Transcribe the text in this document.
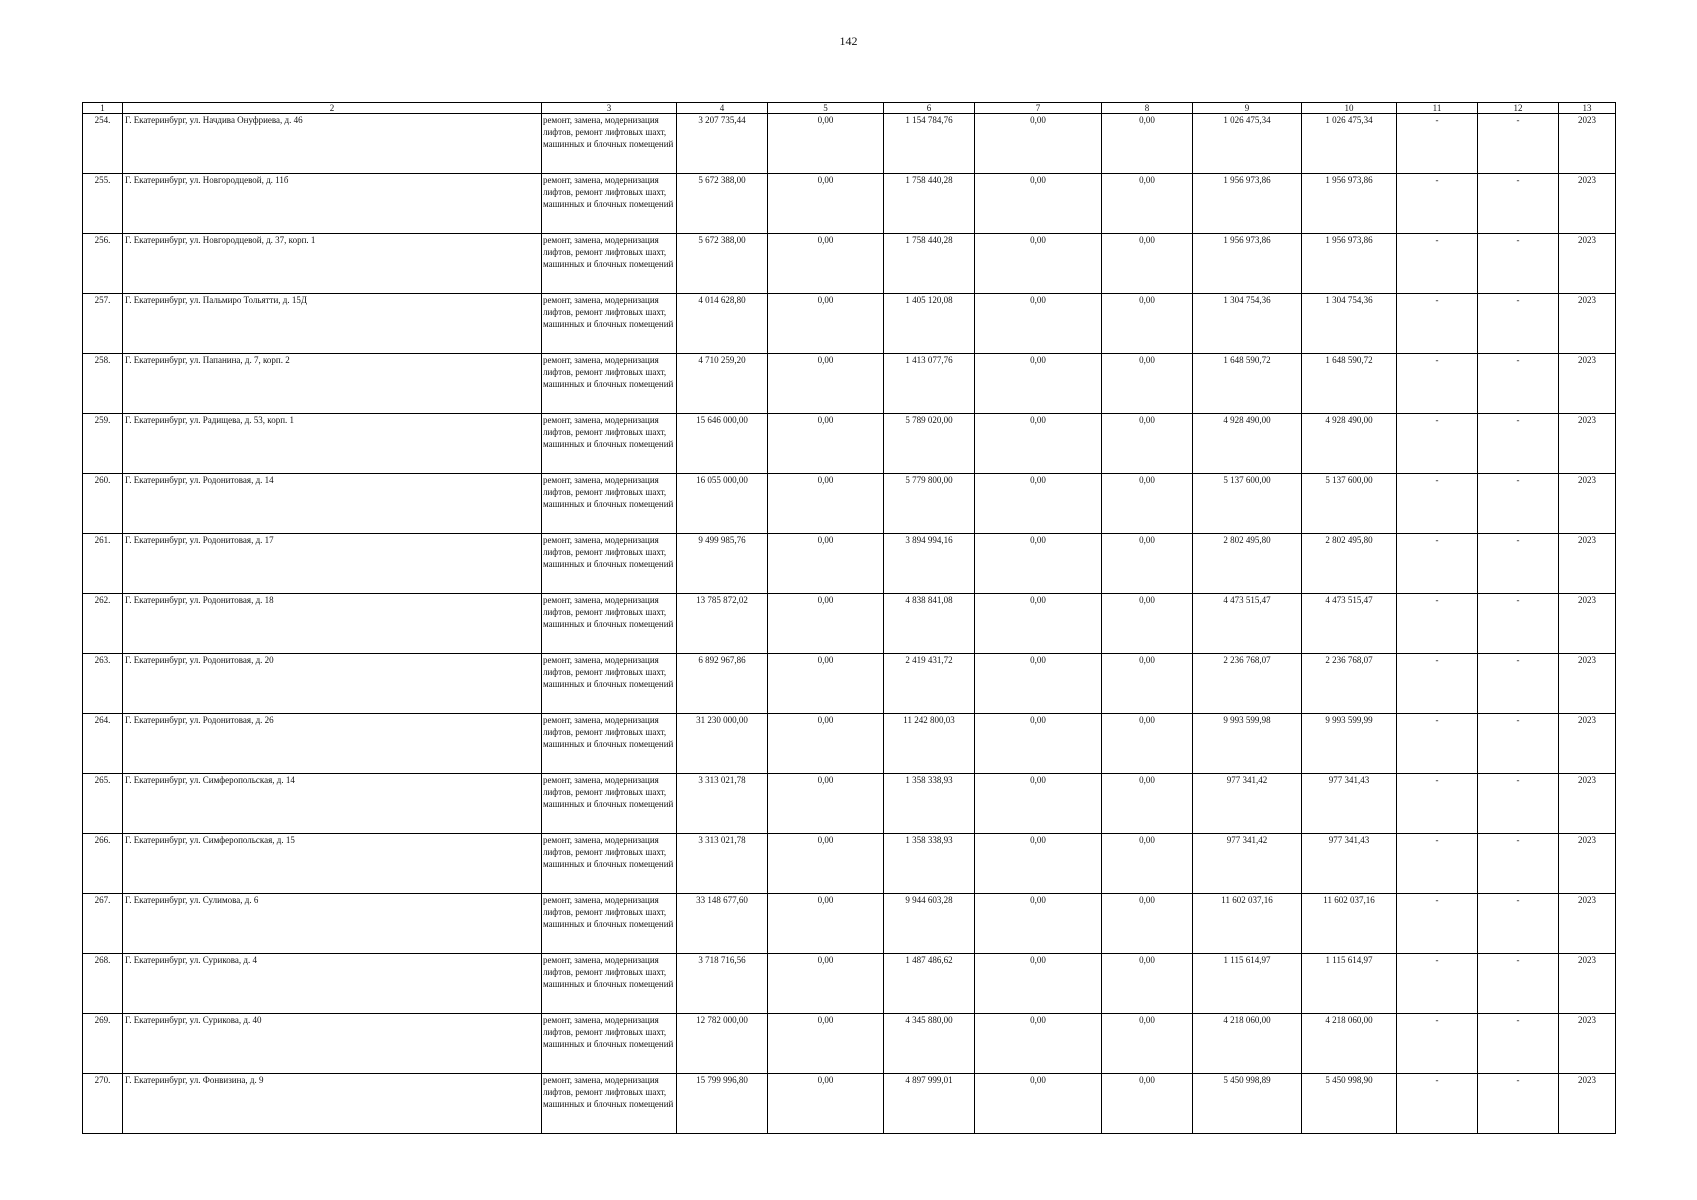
142
1	2	3	4	5	6	7	8	9	10	11	12	13
254.	Г. Екатеринбург, ул. Начдива Онуфриева, д. 46	ремонт, замена, модернизация лифтов, ремонт лифтовых шахт, машинных и блочных помещений	3 207 735,44	0,00	1 154 784,76	0,00	0,00	1 026 475,34	1 026 475,34	-	-	2023
255.	Г. Екатеринбург, ул. Новгородцевой, д. 11б	ремонт, замена, модернизация лифтов, ремонт лифтовых шахт, машинных и блочных помещений	5 672 388,00	0,00	1 758 440,28	0,00	0,00	1 956 973,86	1 956 973,86	-	-	2023
256.	Г. Екатеринбург, ул. Новгородцевой, д. 37, корп. 1	ремонт, замена, модернизация лифтов, ремонт лифтовых шахт, машинных и блочных помещений	5 672 388,00	0,00	1 758 440,28	0,00	0,00	1 956 973,86	1 956 973,86	-	-	2023
257.	Г. Екатеринбург, ул. Пальмиро Тольятти, д. 15Д	ремонт, замена, модернизация лифтов, ремонт лифтовых шахт, машинных и блочных помещений	4 014 628,80	0,00	1 405 120,08	0,00	0,00	1 304 754,36	1 304 754,36	-	-	2023
258.	Г. Екатеринбург, ул. Папанина, д. 7, корп. 2	ремонт, замена, модернизация лифтов, ремонт лифтовых шахт, машинных и блочных помещений	4 710 259,20	0,00	1 413 077,76	0,00	0,00	1 648 590,72	1 648 590,72	-	-	2023
259.	Г. Екатеринбург, ул. Радищева, д. 53, корп. 1	ремонт, замена, модернизация лифтов, ремонт лифтовых шахт, машинных и блочных помещений	15 646 000,00	0,00	5 789 020,00	0,00	0,00	4 928 490,00	4 928 490,00	-	-	2023
260.	Г. Екатеринбург, ул. Родонитовая, д. 14	ремонт, замена, модернизация лифтов, ремонт лифтовых шахт, машинных и блочных помещений	16 055 000,00	0,00	5 779 800,00	0,00	0,00	5 137 600,00	5 137 600,00	-	-	2023
261.	Г. Екатеринбург, ул. Родонитовая, д. 17	ремонт, замена, модернизация лифтов, ремонт лифтовых шахт, машинных и блочных помещений	9 499 985,76	0,00	3 894 994,16	0,00	0,00	2 802 495,80	2 802 495,80	-	-	2023
262.	Г. Екатеринбург, ул. Родонитовая, д. 18	ремонт, замена, модернизация лифтов, ремонт лифтовых шахт, машинных и блочных помещений	13 785 872,02	0,00	4 838 841,08	0,00	0,00	4 473 515,47	4 473 515,47	-	-	2023
263.	Г. Екатеринбург, ул. Родонитовая, д. 20	ремонт, замена, модернизация лифтов, ремонт лифтовых шахт, машинных и блочных помещений	6 892 967,86	0,00	2 419 431,72	0,00	0,00	2 236 768,07	2 236 768,07	-	-	2023
264.	Г. Екатеринбург, ул. Родонитовая, д. 26	ремонт, замена, модернизация лифтов, ремонт лифтовых шахт, машинных и блочных помещений	31 230 000,00	0,00	11 242 800,03	0,00	0,00	9 993 599,98	9 993 599,99	-	-	2023
265.	Г. Екатеринбург, ул. Симферопольская, д. 14	ремонт, замена, модернизация лифтов, ремонт лифтовых шахт, машинных и блочных помещений	3 313 021,78	0,00	1 358 338,93	0,00	0,00	977 341,42	977 341,43	-	-	2023
266.	Г. Екатеринбург, ул. Симферопольская, д. 15	ремонт, замена, модернизация лифтов, ремонт лифтовых шахт, машинных и блочных помещений	3 313 021,78	0,00	1 358 338,93	0,00	0,00	977 341,42	977 341,43	-	-	2023
267.	Г. Екатеринбург, ул. Сулимова, д. 6	ремонт, замена, модернизация лифтов, ремонт лифтовых шахт, машинных и блочных помещений	33 148 677,60	0,00	9 944 603,28	0,00	0,00	11 602 037,16	11 602 037,16	-	-	2023
268.	Г. Екатеринбург, ул. Сурикова, д. 4	ремонт, замена, модернизация лифтов, ремонт лифтовых шахт, машинных и блочных помещений	3 718 716,56	0,00	1 487 486,62	0,00	0,00	1 115 614,97	1 115 614,97	-	-	2023
269.	Г. Екатеринбург, ул. Сурикова, д. 40	ремонт, замена, модернизация лифтов, ремонт лифтовых шахт, машинных и блочных помещений	12 782 000,00	0,00	4 345 880,00	0,00	0,00	4 218 060,00	4 218 060,00	-	-	2023
270.	Г. Екатеринбург, ул. Фонвизина, д. 9	ремонт, замена, модернизация лифтов, ремонт лифтовых шахт, машинных и блочных помещений	15 799 996,80	0,00	4 897 999,01	0,00	0,00	5 450 998,89	5 450 998,90	-	-	2023
